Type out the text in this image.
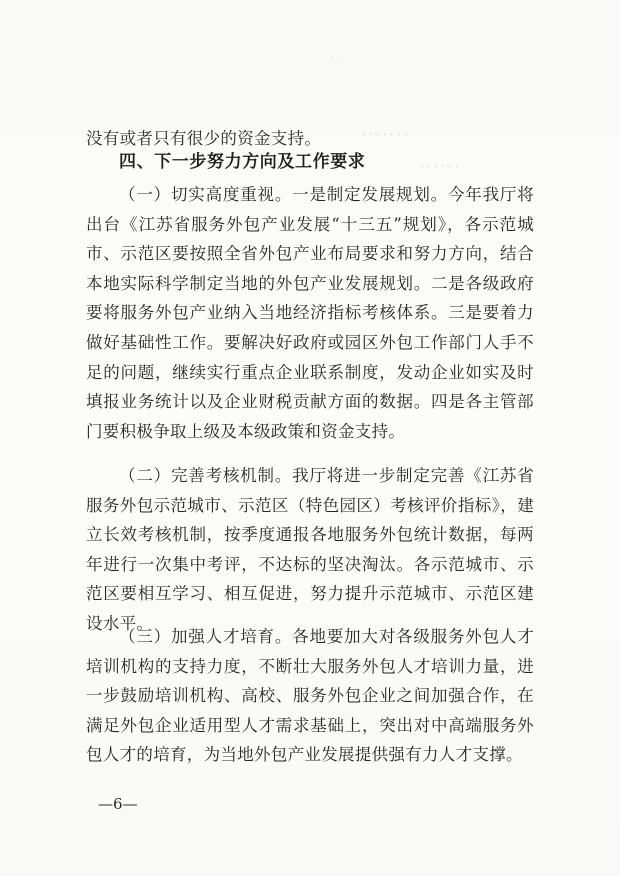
· ·
· · · · · · ·
· · · · · ·

没有或者只有很少的资金支持。

四、下一步努力方向及工作要求

（一）切实高度重视。一是制定发展规划。今年我厅将出台《江苏省服务外包产业发展“十三五”规划》，各示范城市、示范区要按照全省外包产业布局要求和努力方向，结合本地实际科学制定当地的外包产业发展规划。二是各级政府要将服务外包产业纳入当地经济指标考核体系。三是要着力做好基础性工作。要解决好政府或园区外包工作部门人手不足的问题，继续实行重点企业联系制度，发动企业如实及时填报业务统计以及企业财税贡献方面的数据。四是各主管部门要积极争取上级及本级政策和资金支持。

（二）完善考核机制。我厅将进一步制定完善《江苏省服务外包示范城市、示范区（特色园区）考核评价指标》，建立长效考核机制，按季度通报各地服务外包统计数据，每两年进行一次集中考评，不达标的坚决淘汰。各示范城市、示范区要相互学习、相互促进，努力提升示范城市、示范区建设水平。

（三）加强人才培育。各地要加大对各级服务外包人才培训机构的支持力度，不断壮大服务外包人才培训力量，进一步鼓励培训机构、高校、服务外包企业之间加强合作，在满足外包企业适用型人才需求基础上，突出对中高端服务外包人才的培育，为当地外包产业发展提供强有力人才支撑。

—6—
